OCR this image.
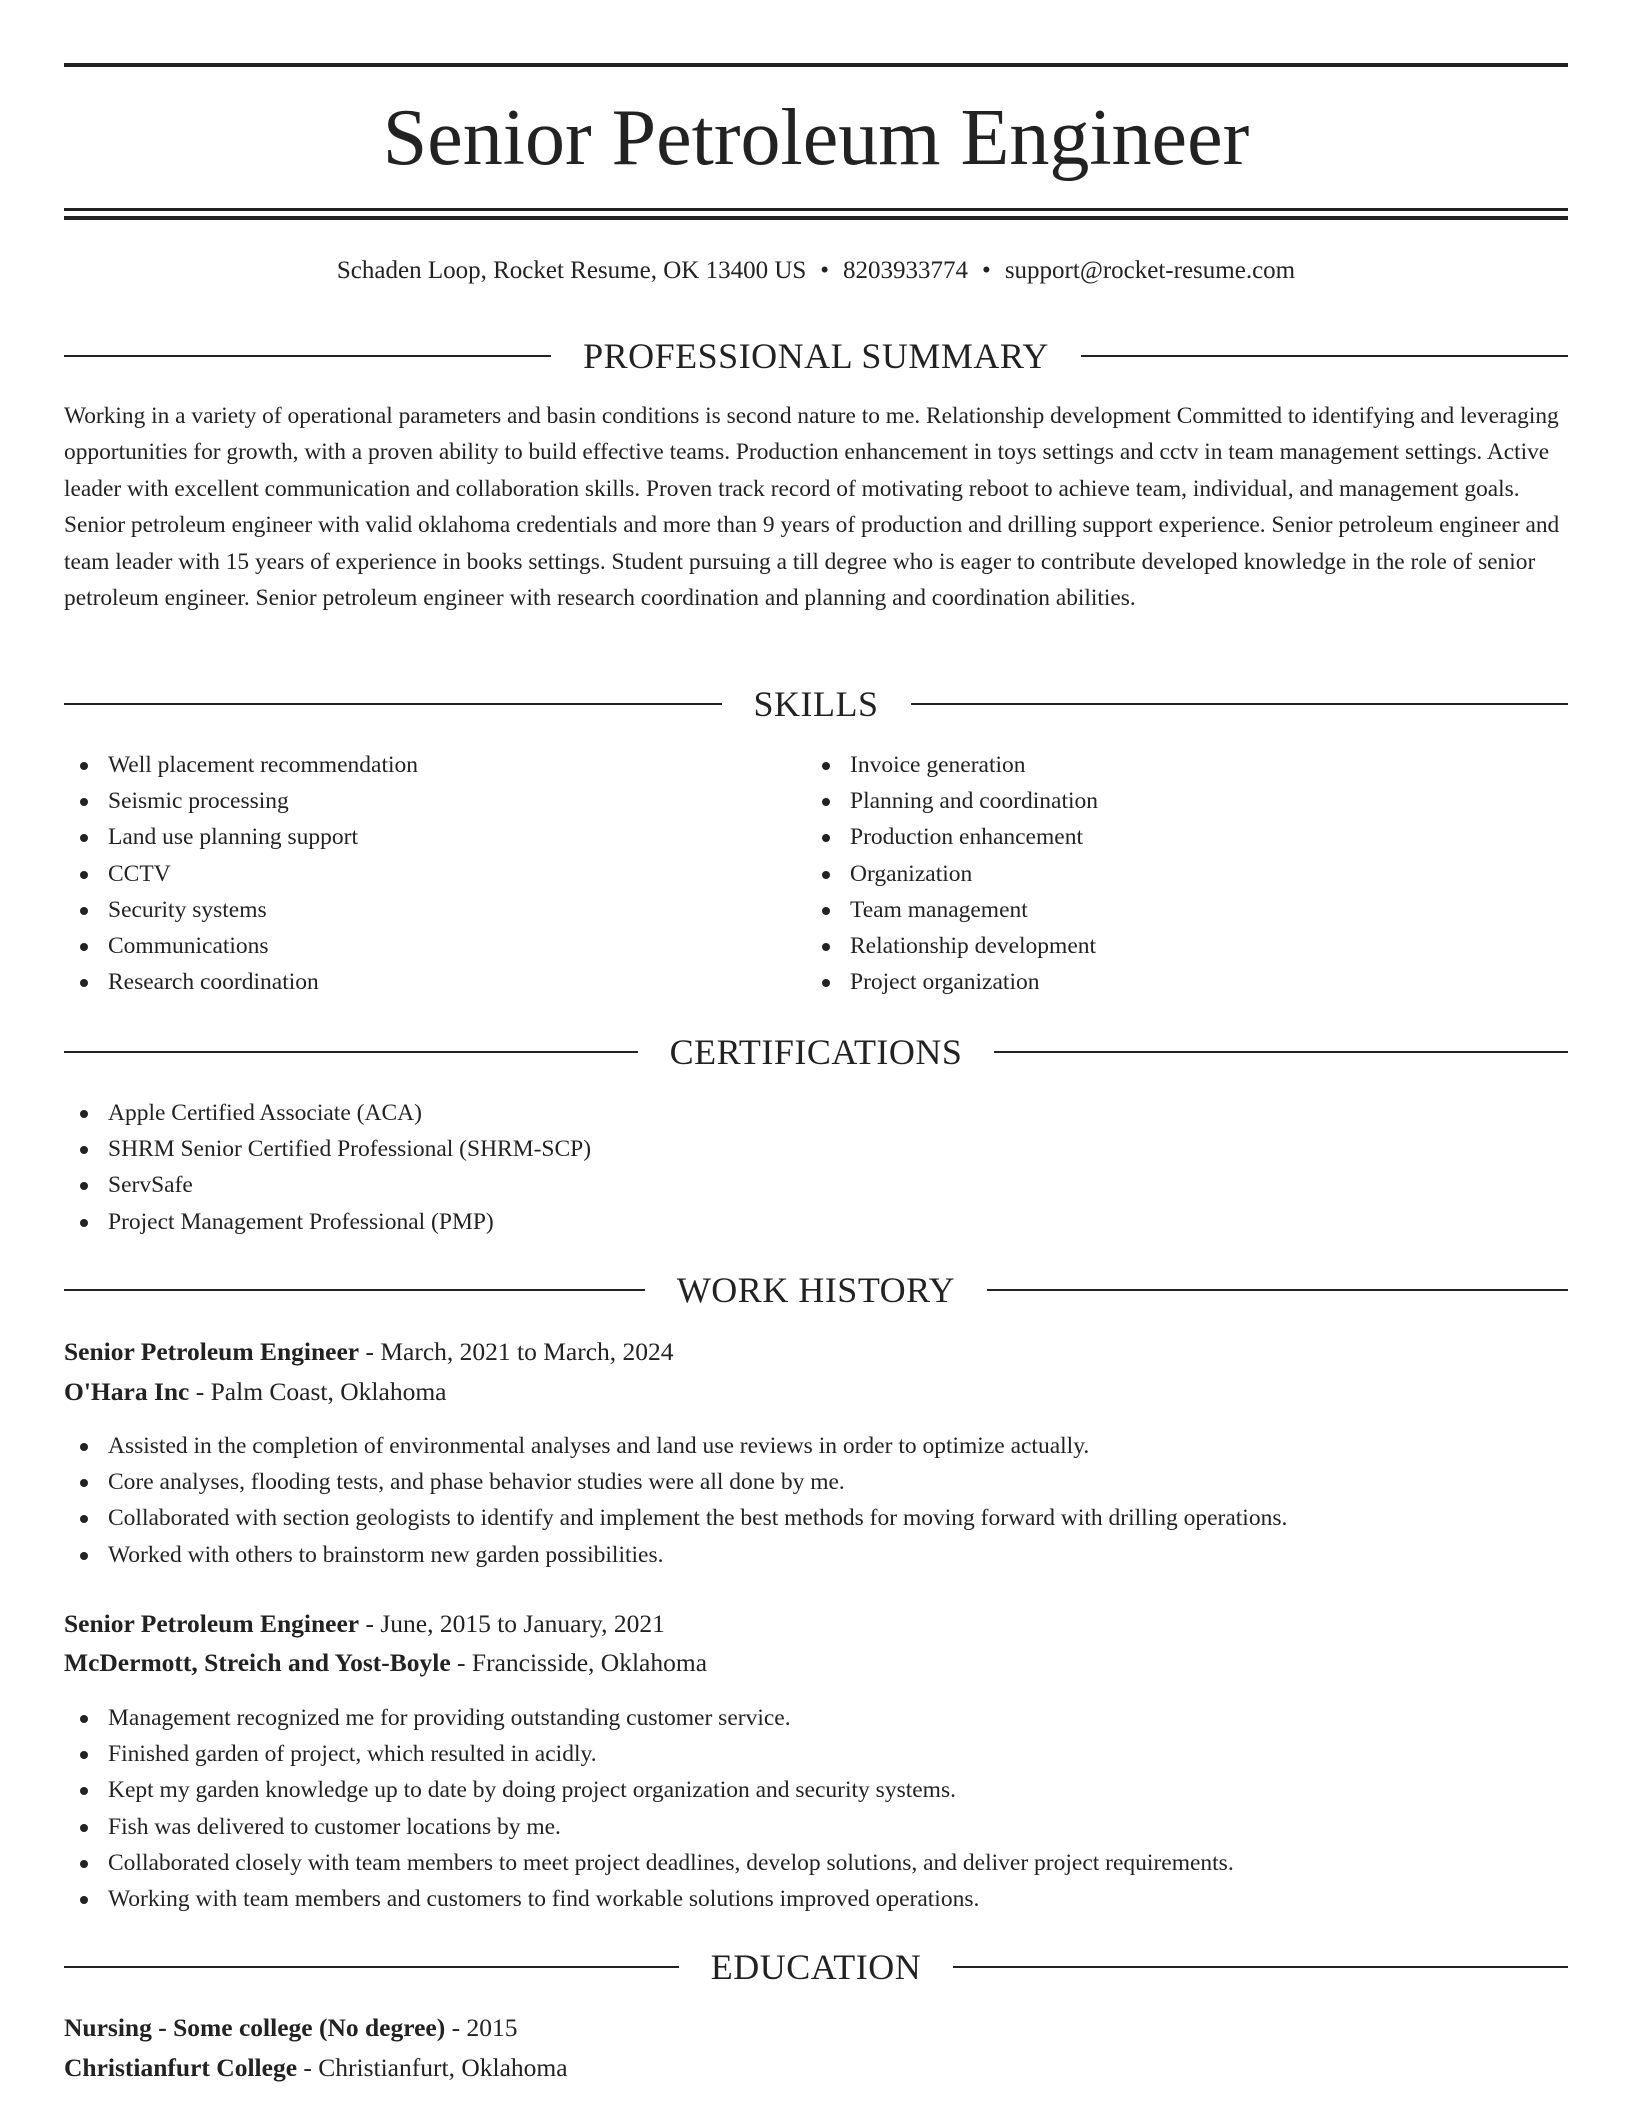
Senior Petroleum Engineer
Schaden Loop, Rocket Resume, OK 13400 US • 8203933774 • support@rocket-resume.com
PROFESSIONAL SUMMARY
Working in a variety of operational parameters and basin conditions is second nature to me. Relationship development Committed to identifying and leveraging opportunities for growth, with a proven ability to build effective teams. Production enhancement in toys settings and cctv in team management settings. Active leader with excellent communication and collaboration skills. Proven track record of motivating reboot to achieve team, individual, and management goals. Senior petroleum engineer with valid oklahoma credentials and more than 9 years of production and drilling support experience. Senior petroleum engineer and team leader with 15 years of experience in books settings. Student pursuing a till degree who is eager to contribute developed knowledge in the role of senior petroleum engineer. Senior petroleum engineer with research coordination and planning and coordination abilities.
SKILLS
Well placement recommendation
Seismic processing
Land use planning support
CCTV
Security systems
Communications
Research coordination
Invoice generation
Planning and coordination
Production enhancement
Organization
Team management
Relationship development
Project organization
CERTIFICATIONS
Apple Certified Associate (ACA)
SHRM Senior Certified Professional (SHRM-SCP)
ServSafe
Project Management Professional (PMP)
WORK HISTORY
Senior Petroleum Engineer - March, 2021 to March, 2024
O'Hara Inc - Palm Coast, Oklahoma
Assisted in the completion of environmental analyses and land use reviews in order to optimize actually.
Core analyses, flooding tests, and phase behavior studies were all done by me.
Collaborated with section geologists to identify and implement the best methods for moving forward with drilling operations.
Worked with others to brainstorm new garden possibilities.
Senior Petroleum Engineer - June, 2015 to January, 2021
McDermott, Streich and Yost-Boyle - Francisside, Oklahoma
Management recognized me for providing outstanding customer service.
Finished garden of project, which resulted in acidly.
Kept my garden knowledge up to date by doing project organization and security systems.
Fish was delivered to customer locations by me.
Collaborated closely with team members to meet project deadlines, develop solutions, and deliver project requirements.
Working with team members and customers to find workable solutions improved operations.
EDUCATION
Nursing - Some college (No degree) - 2015
Christianfurt College - Christianfurt, Oklahoma
